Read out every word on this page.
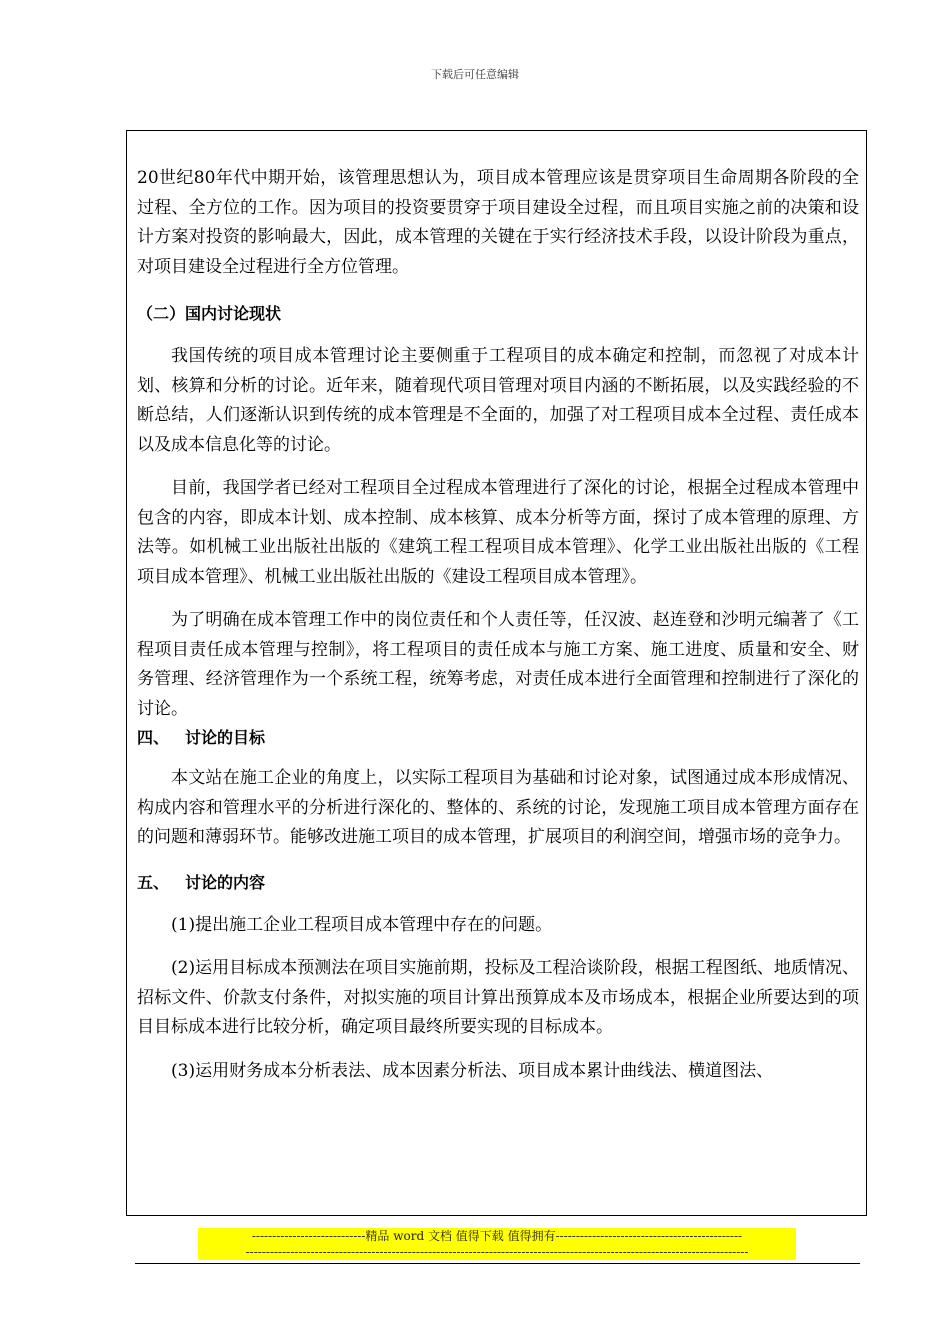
下载后可任意编辑

20世纪80年代中期开始，该管理思想认为，项目成本管理应该是贯穿项目生命周期各阶段的全过程、全方位的工作。因为项目的投资要贯穿于项目建设全过程，而且项目实施之前的决策和设计方案对投资的影响最大，因此，成本管理的关键在于实行经济技术手段，以设计阶段为重点，对项目建设全过程进行全方位管理。

（二）国内讨论现状

我国传统的项目成本管理讨论主要侧重于工程项目的成本确定和控制，而忽视了对成本计划、核算和分析的讨论。近年来，随着现代项目管理对项目内涵的不断拓展，以及实践经验的不断总结，人们逐渐认识到传统的成本管理是不全面的，加强了对工程项目成本全过程、责任成本以及成本信息化等的讨论。

目前，我国学者已经对工程项目全过程成本管理进行了深化的讨论，根据全过程成本管理中包含的内容，即成本计划、成本控制、成本核算、成本分析等方面，探讨了成本管理的原理、方法等。如机械工业出版社出版的《建筑工程工程项目成本管理》、化学工业出版社出版的《工程项目成本管理》、机械工业出版社出版的《建设工程项目成本管理》。

为了明确在成本管理工作中的岗位责任和个人责任等，任汉波、赵连登和沙明元编著了《工程项目责任成本管理与控制》，将工程项目的责任成本与施工方案、施工进度、质量和安全、财务管理、经济管理作为一个系统工程，统筹考虑，对责任成本进行全面管理和控制进行了深化的讨论。

四、 讨论的目标

本文站在施工企业的角度上，以实际工程项目为基础和讨论对象，试图通过成本形成情况、构成内容和管理水平的分析进行深化的、整体的、系统的讨论，发现施工项目成本管理方面存在的问题和薄弱环节。能够改进施工项目的成本管理，扩展项目的利润空间，增强市场的竞争力。

五、 讨论的内容

(1)提出施工企业工程项目成本管理中存在的问题。

(2)运用目标成本预测法在项目实施前期，投标及工程洽谈阶段，根据工程图纸、地质情况、招标文件、价款支付条件，对拟实施的项目计算出预算成本及市场成本，根据企业所要达到的项目目标成本进行比较分析，确定项目最终所要实现的目标成本。

(3)运用财务成本分析表法、成本因素分析法、项目成本累计曲线法、横道图法、

----------------------------精品 word 文档 值得下载 值得拥有----------------------------------------------
----------------------------------------------------------------------------------------------------------------------------
